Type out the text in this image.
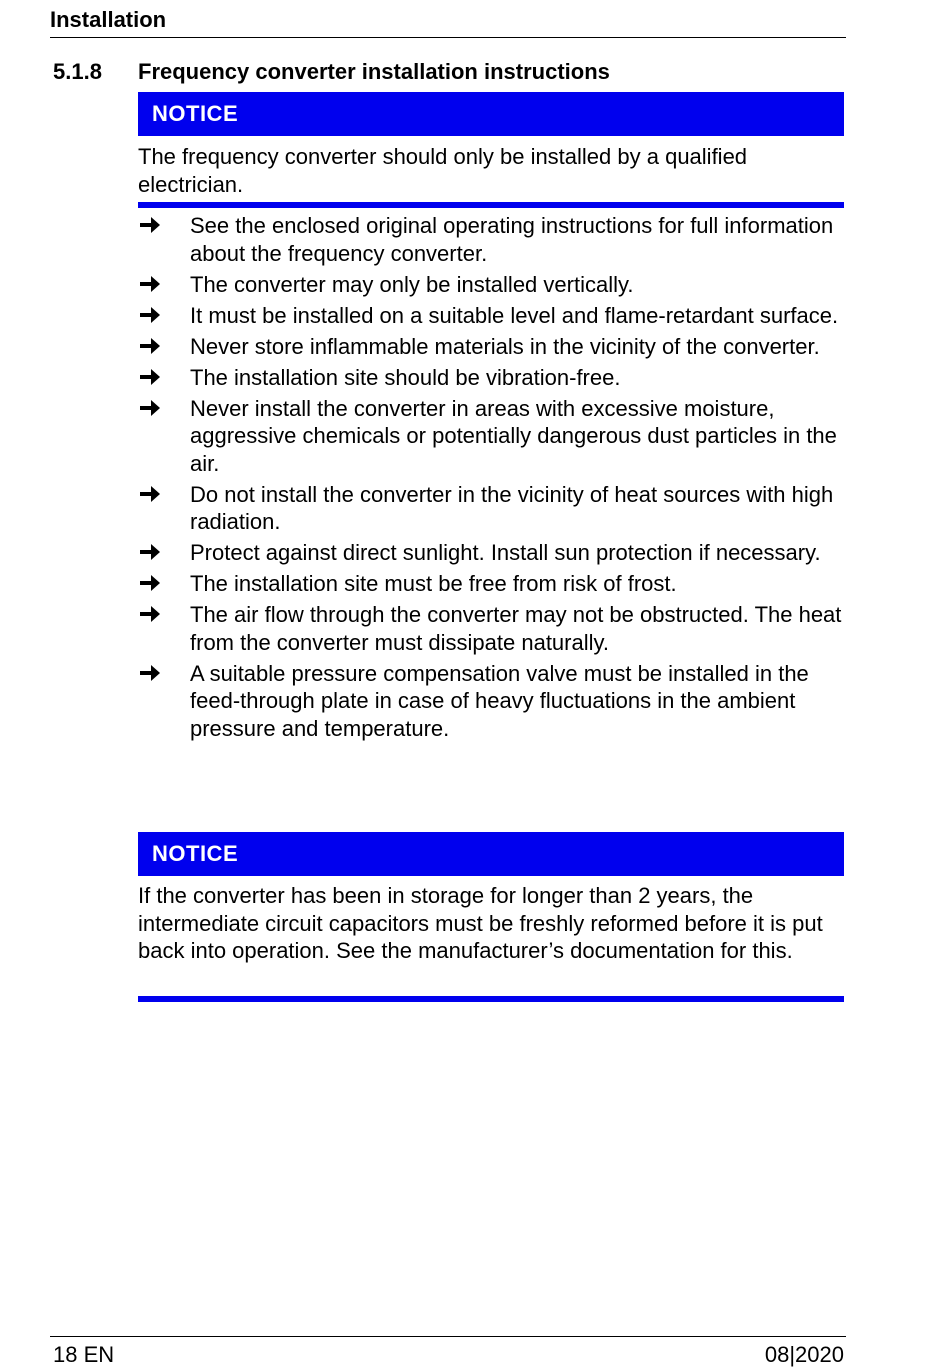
Installation
5.1.8 Frequency converter installation instructions
NOTICE
The frequency converter should only be installed by a qualified electrician.
See the enclosed original operating instructions for full information about the frequency converter.
The converter may only be installed vertically.
It must be installed on a suitable level and flame-retardant surface.
Never store inflammable materials in the vicinity of the converter.
The installation site should be vibration-free.
Never install the converter in areas with excessive moisture, aggressive chemicals or potentially dangerous dust particles in the air.
Do not install the converter in the vicinity of heat sources with high radiation.
Protect against direct sunlight. Install sun protection if necessary.
The installation site must be free from risk of frost.
The air flow through the converter may not be obstructed. The heat from the converter must dissipate naturally.
A suitable pressure compensation valve must be installed in the feed-through plate in case of heavy fluctuations in the ambient pressure and temperature.
NOTICE
If the converter has been in storage for longer than 2 years, the intermediate circuit capacitors must be freshly reformed before it is put back into operation. See the manufacturer’s documentation for this.
18 EN	08|2020
